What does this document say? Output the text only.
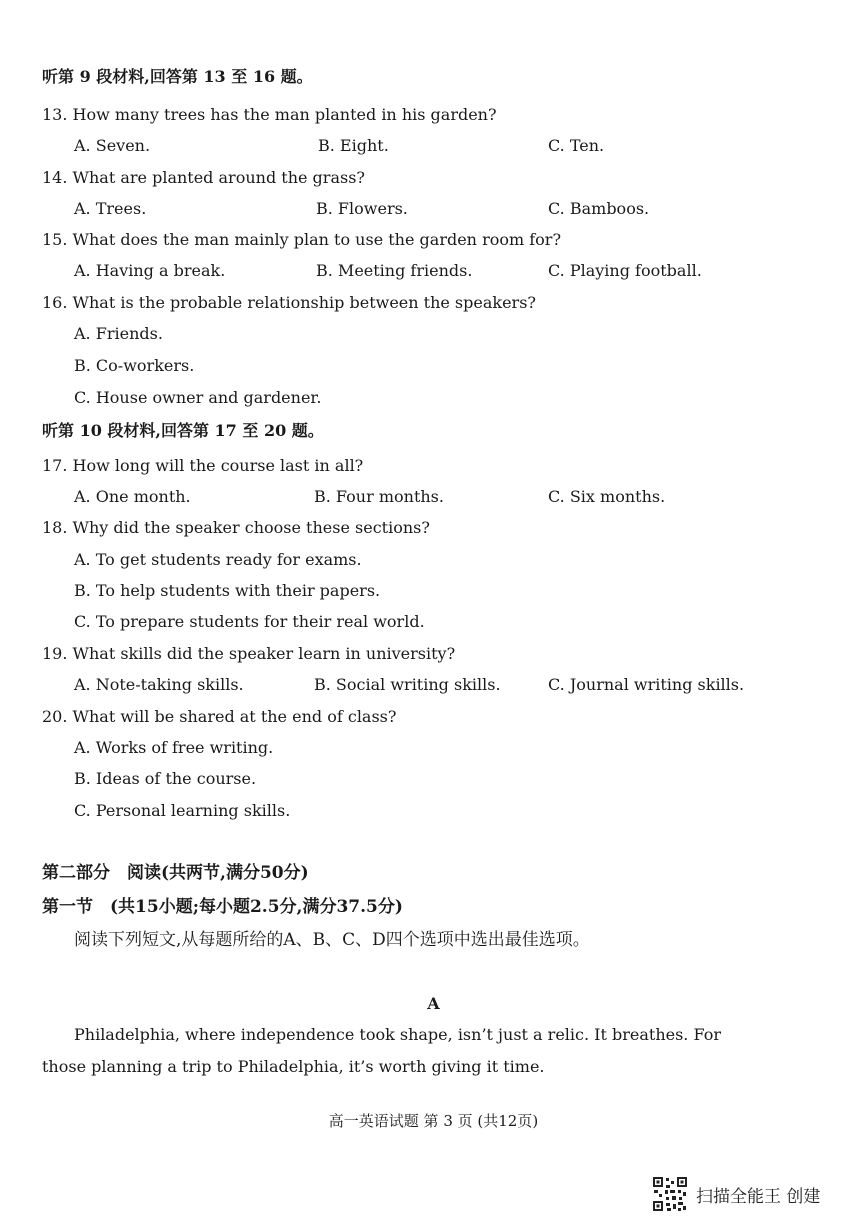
听第 9 段材料,回答第 13 至 16 题。
13. How many trees has the man planted in his garden?
A. Seven.	B. Eight.	C. Ten.
14. What are planted around the grass?
A. Trees.	B. Flowers.	C. Bamboos.
15. What does the man mainly plan to use the garden room for?
A. Having a break.	B. Meeting friends.	C. Playing football.
16. What is the probable relationship between the speakers?
A. Friends.
B. Co-workers.
C. House owner and gardener.
听第 10 段材料,回答第 17 至 20 题。
17. How long will the course last in all?
A. One month.	B. Four months.	C. Six months.
18. Why did the speaker choose these sections?
A. To get students ready for exams.
B. To help students with their papers.
C. To prepare students for their real world.
19. What skills did the speaker learn in university?
A. Note-taking skills.	B. Social writing skills.	C. Journal writing skills.
20. What will be shared at the end of class?
A. Works of free writing.
B. Ideas of the course.
C. Personal learning skills.
第二部分　阅读(共两节,满分50分)
第一节　(共15小题;每小题2.5分,满分37.5分)
阅读下列短文,从每题所给的A、B、C、D四个选项中选出最佳选项。
A
Philadelphia, where independence took shape, isn’t just a relic. It breathes. For
those planning a trip to Philadelphia, it’s worth giving it time.
高一英语试题 第 3 页 (共12页)
扫描全能王 创建
